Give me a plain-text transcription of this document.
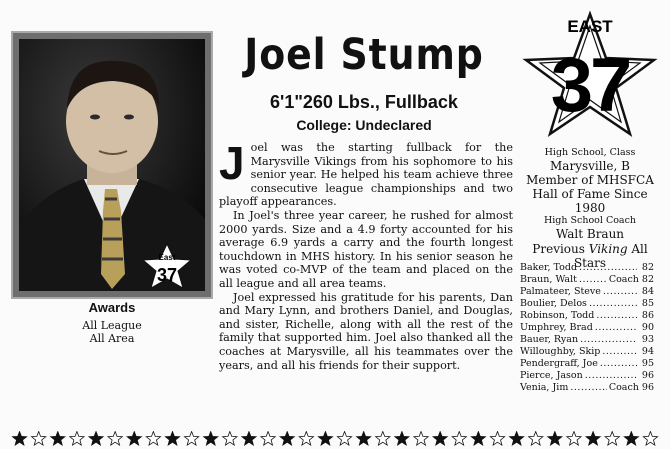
East
37
Awards
All League
All Area
Joel Stump
6'1"260 Lbs., Fullback
College: Undeclared

Joel was the starting fullback for the Marysville Vikings from his sophomore to his senior year. He helped his team achieve three consecutive league championships and two playoff appearances.

In Joel's three year career, he rushed for almost 2000 yards. Size and a 4.9 forty accounted for his average 6.9 yards a carry and the fourth longest touchdown in MHS history. In his senior season he was voted co-MVP of the team and placed on the all league and all area teams.

Joel expressed his gratitude for his parents, Dan and Mary Lynn, and brothers Daniel, and Douglas, and sister, Richelle, along with all the rest of the family that supported him. Joel also thanked all the coaches at Marysville, all his teammates over the years, and all his friends for their support.

EAST
37
High School, Class
Marysville, B
Member of MHSFCA
Hall of Fame Since 1980
High School Coach
Walt Braun
Previous Viking All Stars
Baker, Todd .....	82
Braun, Walt .....	Coach 82
Palmateer, Steve .....	84
Boulier, Delos .....	85
Robinson, Todd .....	86
Umphrey, Brad .....	90
Bauer, Ryan .....	93
Willoughby, Skip .....	94
Pendergraff, Joe .....	95
Pierce, Jason .....	96
Venia, Jim .....	Coach 96
